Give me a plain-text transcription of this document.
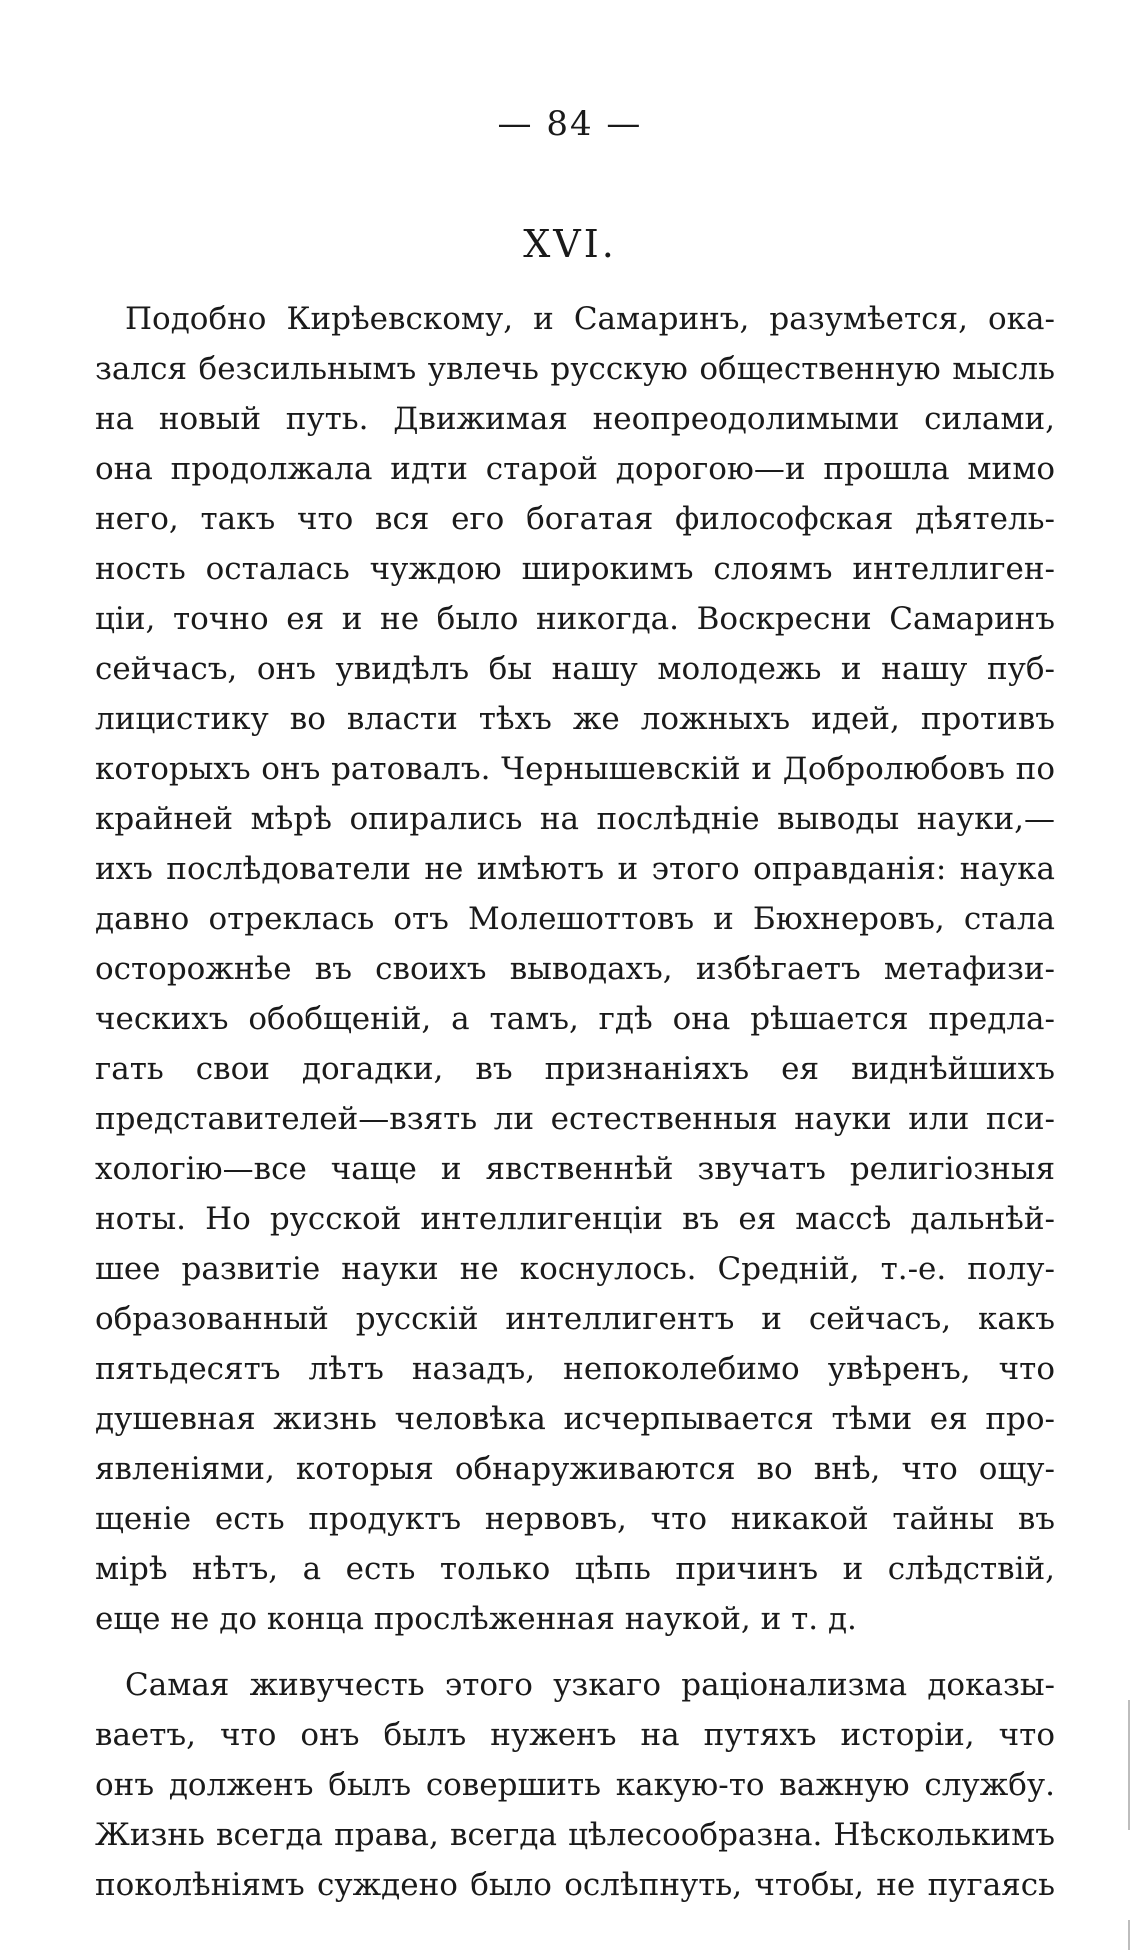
— 84 —
XVI.
Подобно Кирѣевскому, и Самаринъ, разумѣется, ока-
зался безсильнымъ увлечь русскую общественную мысль
на новый путь. Движимая неопреодолимыми силами,
она продолжала идти старой дорогою—и прошла мимо
него, такъ что вся его богатая философская дѣятель-
ность осталась чуждою широкимъ слоямъ интеллиген-
ціи, точно ея и не было никогда. Воскресни Самаринъ
сейчасъ, онъ увидѣлъ бы нашу молодежь и нашу пуб-
лицистику во власти тѣхъ же ложныхъ идей, противъ
которыхъ онъ ратовалъ. Чернышевскій и Добролюбовъ по
крайней мѣрѣ опирались на послѣдніе выводы науки,—
ихъ послѣдователи не имѣютъ и этого оправданія: наука
давно отреклась отъ Молешоттовъ и Бюхнеровъ, стала
осторожнѣе въ своихъ выводахъ, избѣгаетъ метафизи-
ческихъ обобщеній, а тамъ, гдѣ она рѣшается предла-
гать свои догадки, въ признаніяхъ ея виднѣйшихъ
представителей—взять ли естественныя науки или пси-
хологію—все чаще и явственнѣй звучатъ религіозныя
ноты. Но русской интеллигенціи въ ея массѣ дальнѣй-
шее развитіе науки не коснулось. Средній, т.-е. полу-
образованный русскій интеллигентъ и сейчасъ, какъ
пятьдесятъ лѣтъ назадъ, непоколебимо увѣренъ, что
душевная жизнь человѣка исчерпывается тѣми ея про-
явленіями, которыя обнаруживаются во внѣ, что ощу-
щеніе есть продуктъ нервовъ, что никакой тайны въ
мірѣ нѣтъ, а есть только цѣпь причинъ и слѣдствій,
еще не до конца прослѣженная наукой, и т. д.
Самая живучесть этого узкаго раціонализма доказы-
ваетъ, что онъ былъ нуженъ на путяхъ исторіи, что
онъ долженъ былъ совершить какую-то важную службу.
Жизнь всегда права, всегда цѣлесообразна. Нѣсколькимъ
поколѣніямъ суждено было ослѣпнуть, чтобы, не пугаясь
